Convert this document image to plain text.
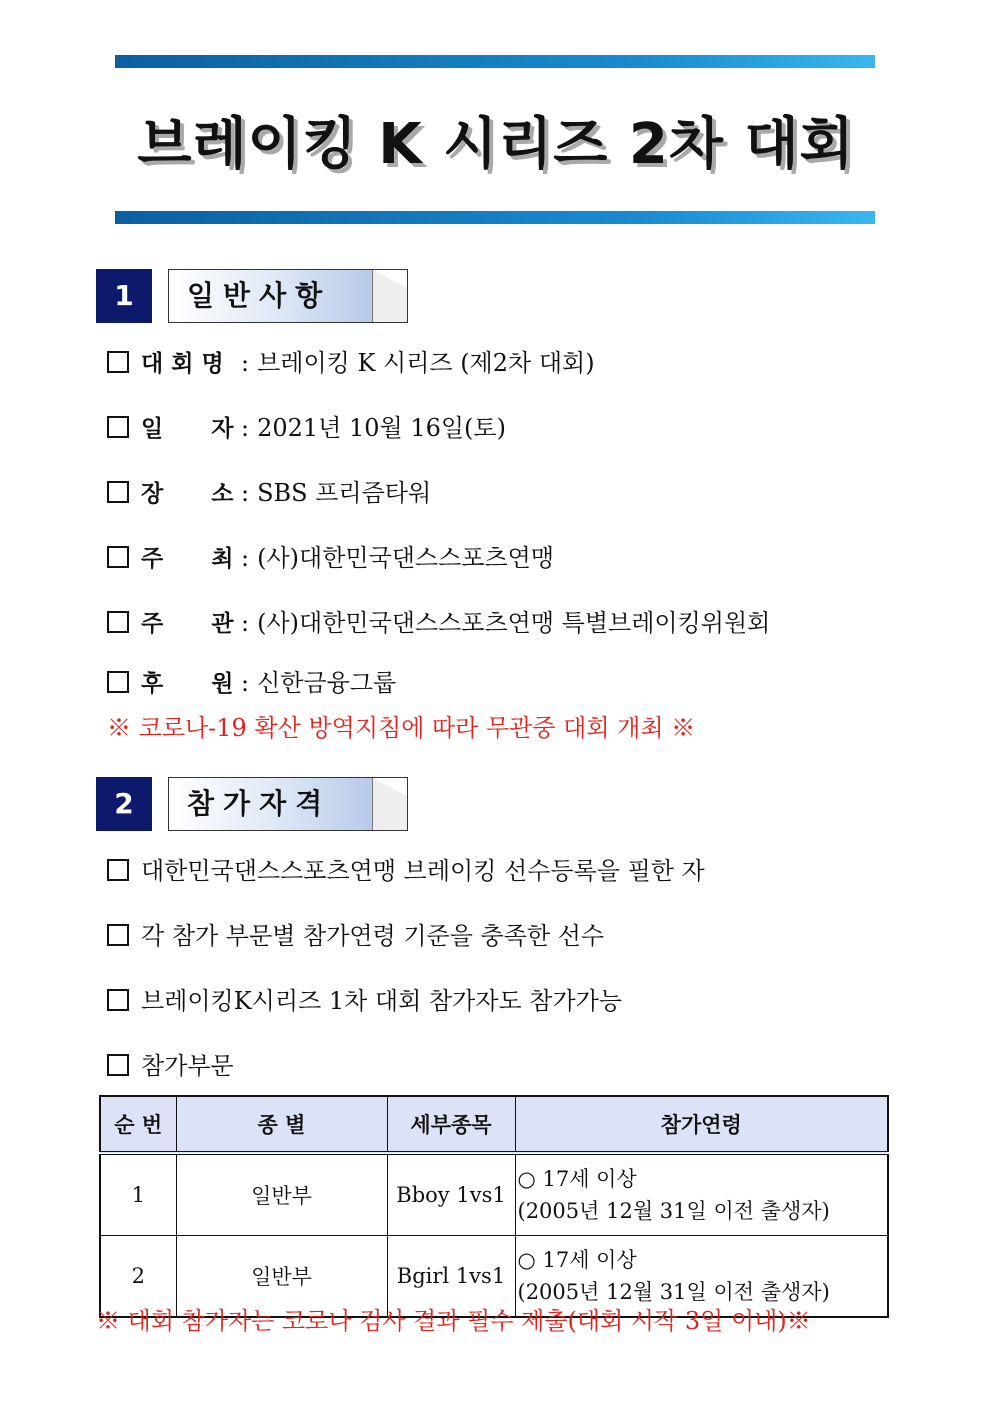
브레이킹 K 시리즈 2차 대회
1	일반사항
대 회 명 : 브레이킹 K 시리즈 (제2차 대회)
일      자 : 2021년 10월 16일(토)
장      소 : SBS 프리즘타워
주      최 : (사)대한민국댄스스포츠연맹
주      관 : (사)대한민국댄스스포츠연맹 특별브레이킹위원회
후      원 : 신한금융그룹
※ 코로나-19 확산 방역지침에 따라 무관중 대회 개최 ※
2	참가자격
대한민국댄스스포츠연맹 브레이킹 선수등록을 필한 자
각 참가 부문별 참가연령 기준을 충족한 선수
브레이킹K시리즈 1차 대회 참가자도 참가가능
참가부문
순 번	종 별	세부종목	참가연령
1	일반부	Bboy 1vs1	○ 17세 이상
(2005년 12월 31일 이전 출생자)

2	일반부	Bgirl 1vs1	○ 17세 이상
(2005년 12월 31일 이전 출생자)
※ 대회 참가자는 코로나 검사 결과 필수 제출(대회 시작 3일 이내)※
